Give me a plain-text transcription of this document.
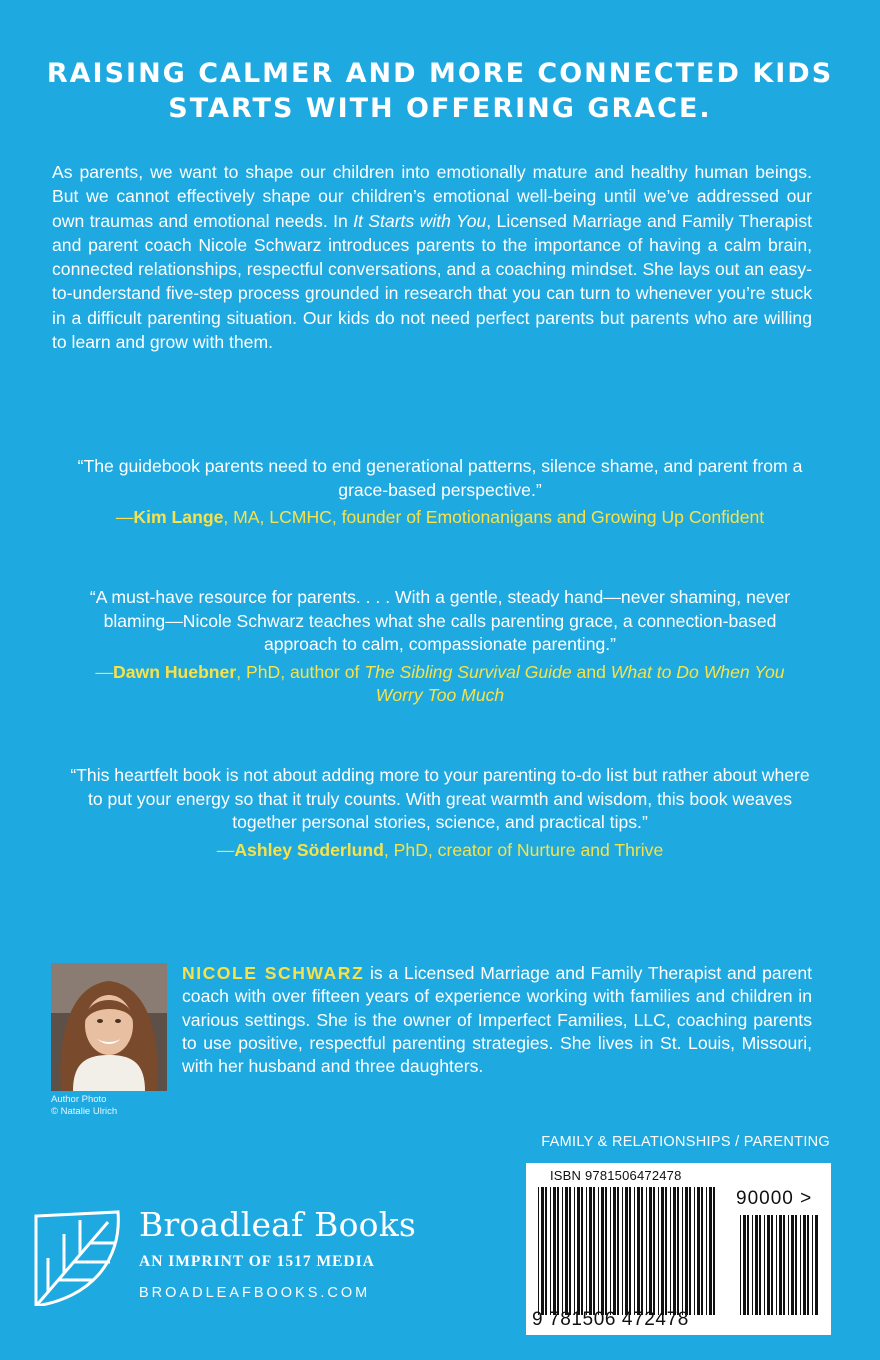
RAISING CALMER AND MORE CONNECTED KIDS
STARTS WITH OFFERING GRACE.
As parents, we want to shape our children into emotionally mature and healthy human beings. But we cannot effectively shape our children’s emotional well-being until we’ve addressed our own traumas and emotional needs. In It Starts with You, Licensed Marriage and Family Therapist and parent coach Nicole Schwarz introduces parents to the importance of having a calm brain, connected relationships, respectful conversations, and a coaching mindset. She lays out an easy-to-understand five-step process grounded in research that you can turn to whenever you’re stuck in a difficult parenting situation. Our kids do not need perfect parents but parents who are willing to learn and grow with them.
“The guidebook parents need to end generational patterns, silence shame, and parent from a grace-based perspective.”
—Kim Lange, MA, LCMHC, founder of Emotionanigans and Growing Up Confident
“A must-have resource for parents. . . . With a gentle, steady hand—never shaming, never blaming—Nicole Schwarz teaches what she calls parenting grace, a connection-based approach to calm, compassionate parenting.”
—Dawn Huebner, PhD, author of The Sibling Survival Guide and What to Do When You Worry Too Much
“This heartfelt book is not about adding more to your parenting to-do list but rather about where to put your energy so that it truly counts. With great warmth and wisdom, this book weaves together personal stories, science, and practical tips.”
—Ashley Söderlund, PhD, creator of Nurture and Thrive
Author Photo
© Natalie Ulrich
NICOLE SCHWARZ is a Licensed Marriage and Family Therapist and parent coach with over fifteen years of experience working with families and children in various settings. She is the owner of Imperfect Families, LLC, coaching parents to use positive, respectful parenting strategies. She lives in St. Louis, Missouri, with her husband and three daughters.
FAMILY & RELATIONSHIPS / PARENTING
ISBN 9781506472478
90000 >
9 781506 472478
Broadleaf Books
AN IMPRINT OF 1517 MEDIA
BROADLEAFBOOKS.COM
